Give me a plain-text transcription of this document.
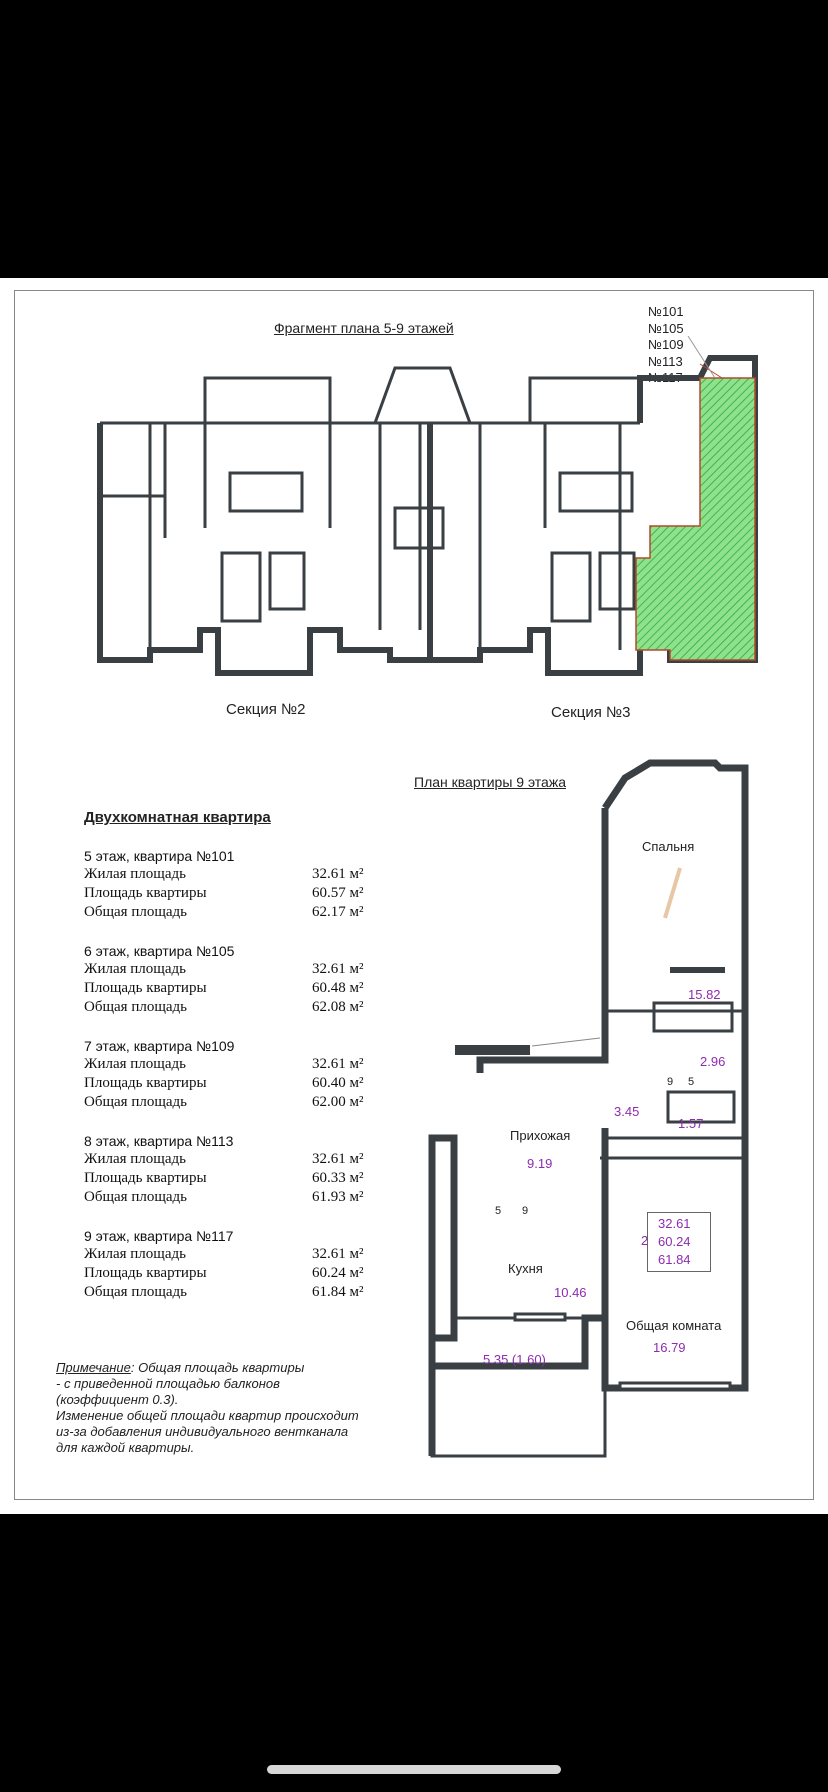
Фрагмент плана 5-9 этажей
№101
№105
№109
№113
№117
Секция №2	Секция №3
План квартиры 9 этажа
Двухкомнатная квартира
5 этаж, квартира №101
Жилая площадь	32.61 м²
Площадь квартиры	60.57 м²
Общая площадь	62.17 м²
6 этаж, квартира №105
Жилая площадь	32.61 м²
Площадь квартиры	60.48 м²
Общая площадь	62.08 м²
7 этаж, квартира №109
Жилая площадь	32.61 м²
Площадь квартиры	60.40 м²
Общая площадь	62.00 м²
8 этаж, квартира №113
Жилая площадь	32.61 м²
Площадь квартиры	60.33 м²
Общая площадь	61.93 м²
9 этаж, квартира №117
Жилая площадь	32.61 м²
Площадь квартиры	60.24 м²
Общая площадь	61.84 м²
Примечание: Общая площадь квартиры
- с приведенной площадью балконов
(коэффициент 0.3).
Изменение общей площади квартир происходит
из-за добавления индивидуального вентканала
для каждой квартиры.
Спальня
15.82
2.96
9 5
3.45
1.57
Прихожая
9.19
5 9
32.61
60.24
61.84
2
Кухня
10.46
Общая комната
16.79
5.35 (1.60)
